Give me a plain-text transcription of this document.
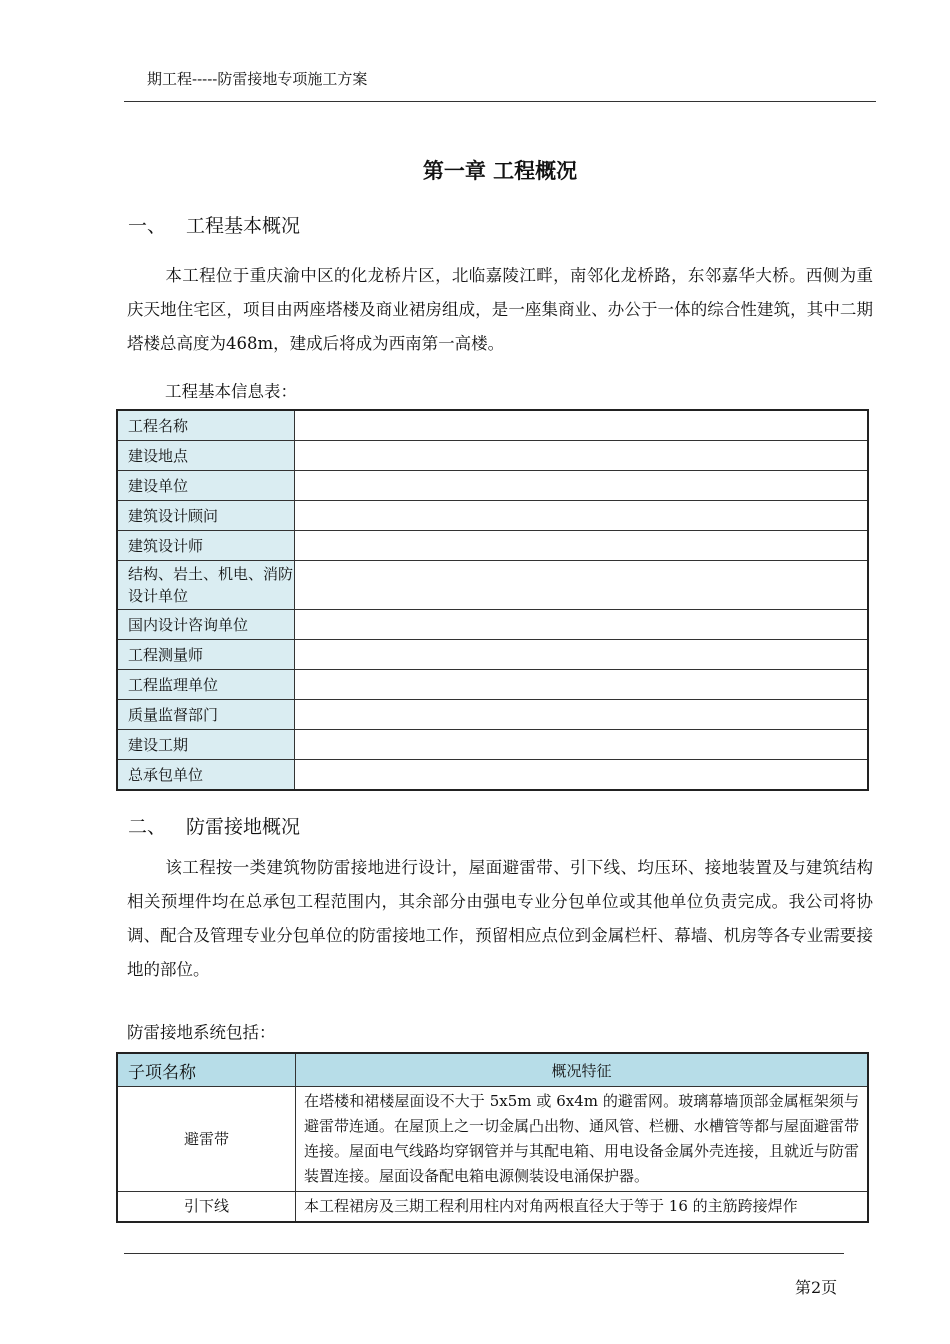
期工程-----防雷接地专项施工方案
第一章 工程概况
一、 工程基本概况
本工程位于重庆渝中区的化龙桥片区，北临嘉陵江畔，南邻化龙桥路，东邻嘉华大桥。西侧为重庆天地住宅区，项目由两座塔楼及商业裙房组成，是一座集商业、办公于一体的综合性建筑，其中二期塔楼总高度为468m，建成后将成为西南第一高楼。
工程基本信息表：
工程名称	
建设地点	
建设单位	
建筑设计顾问	
建筑设计师	
结构、岩土、机电、消防设计单位	
国内设计咨询单位	
工程测量师	
工程监理单位	
质量监督部门	
建设工期	
总承包单位	
二、 防雷接地概况
该工程按一类建筑物防雷接地进行设计，屋面避雷带、引下线、均压环、接地装置及与建筑结构相关预埋件均在总承包工程范围内，其余部分由强电专业分包单位或其他单位负责完成。我公司将协调、配合及管理专业分包单位的防雷接地工作，预留相应点位到金属栏杆、幕墙、机房等各专业需要接地的部位。
防雷接地系统包括：
子项名称	概况特征
避雷带	在塔楼和裙楼屋面设不大于 5x5m 或 6x4m 的避雷网。玻璃幕墙顶部金属框架须与避雷带连通。在屋顶上之一切金属凸出物、通风管、栏栅、水槽管等都与屋面避雷带连接。屋面电气线路均穿钢管并与其配电箱、用电设备金属外壳连接，且就近与防雷装置连接。屋面设备配电箱电源侧装设电涌保护器。
引下线	本工程裙房及三期工程利用柱内对角两根直径大于等于 16 的主筋跨接焊作
第2页
